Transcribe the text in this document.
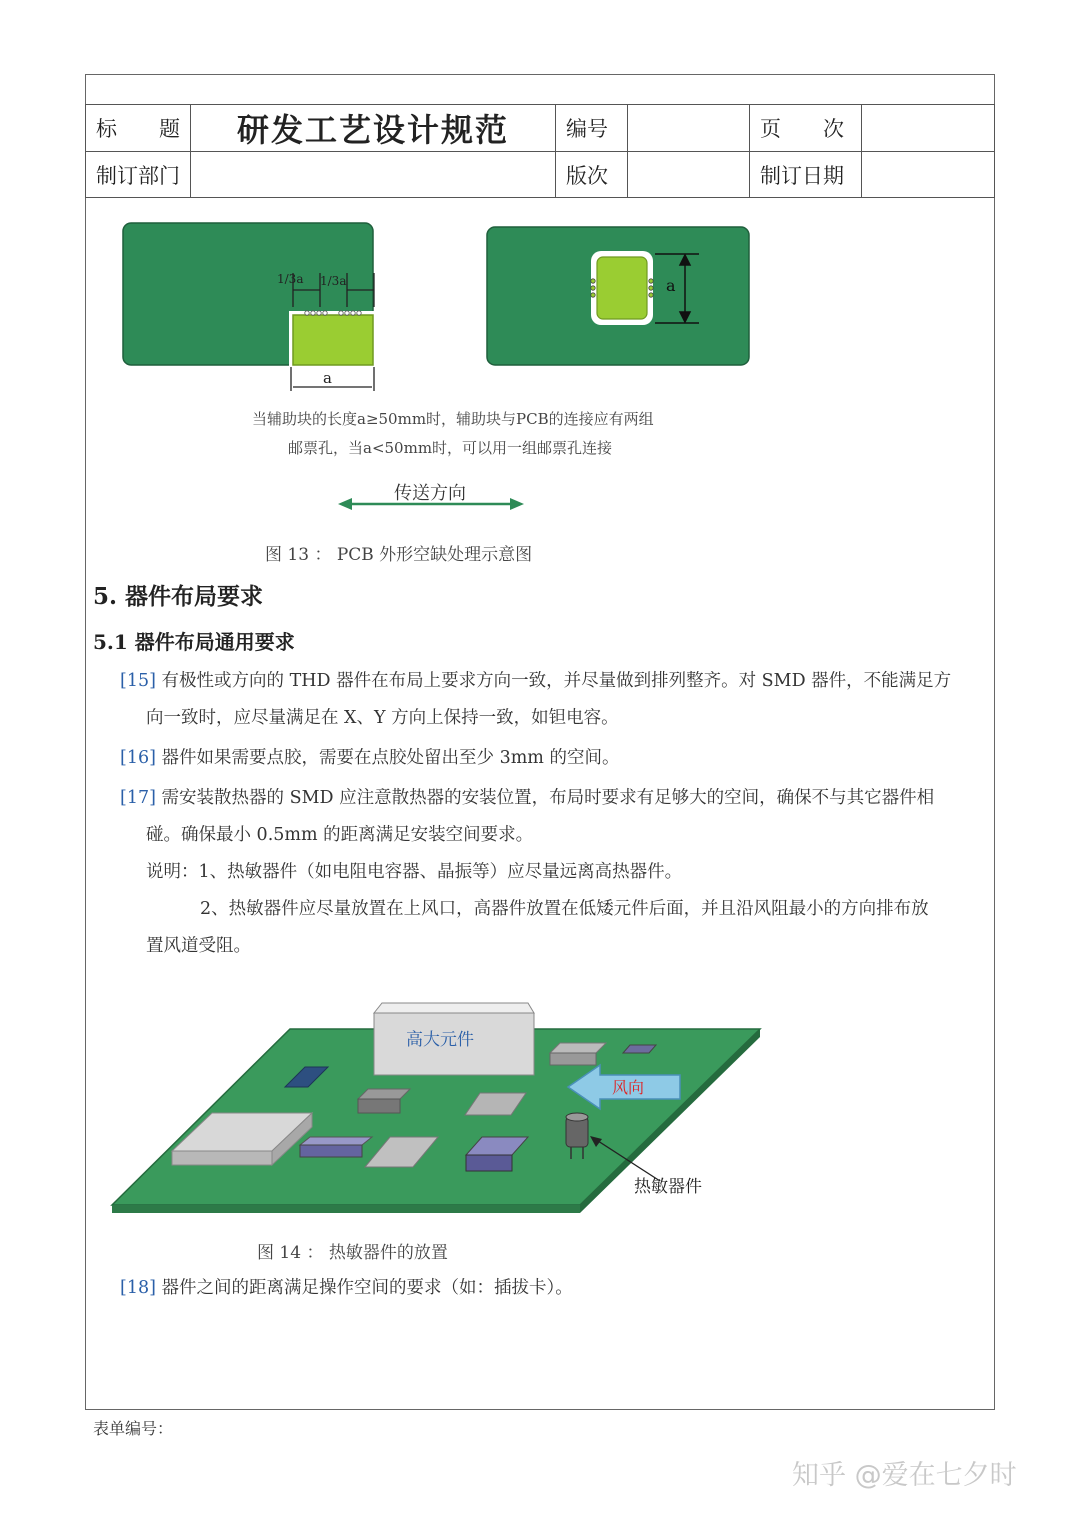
标　　题	研发工艺设计规范	编号		页　　次	
制订部门		版次		制订日期	
1/3a 1/3a
a
a
当辅助块的长度a≥50mm时，辅助块与PCB的连接应有两组
邮票孔，当a<50mm时，可以用一组邮票孔连接
传送方向
图 13 ： PCB 外形空缺处理示意图
5. 器件布局要求
5.1 器件布局通用要求
[15] 有极性或方向的 THD 器件在布局上要求方向一致，并尽量做到排列整齐。对 SMD 器件，不能满足方
向一致时，应尽量满足在 X、Y 方向上保持一致，如钽电容。
[16] 器件如果需要点胶，需要在点胶处留出至少 3mm 的空间。
[17] 需安装散热器的 SMD 应注意散热器的安装位置，布局时要求有足够大的空间，确保不与其它器件相
碰。确保最小 0.5mm 的距离满足安装空间要求。
说明：1、热敏器件（如电阻电容器、晶振等）应尽量远离高热器件。
2、热敏器件应尽量放置在上风口，高器件放置在低矮元件后面，并且沿风阻最小的方向排布放
置风道受阻。
高大元件
热敏器件
风向
图 14 ： 热敏器件的放置
[18] 器件之间的距离满足操作空间的要求（如：插拔卡）。
表单编号：
知乎 @爱在七夕时
